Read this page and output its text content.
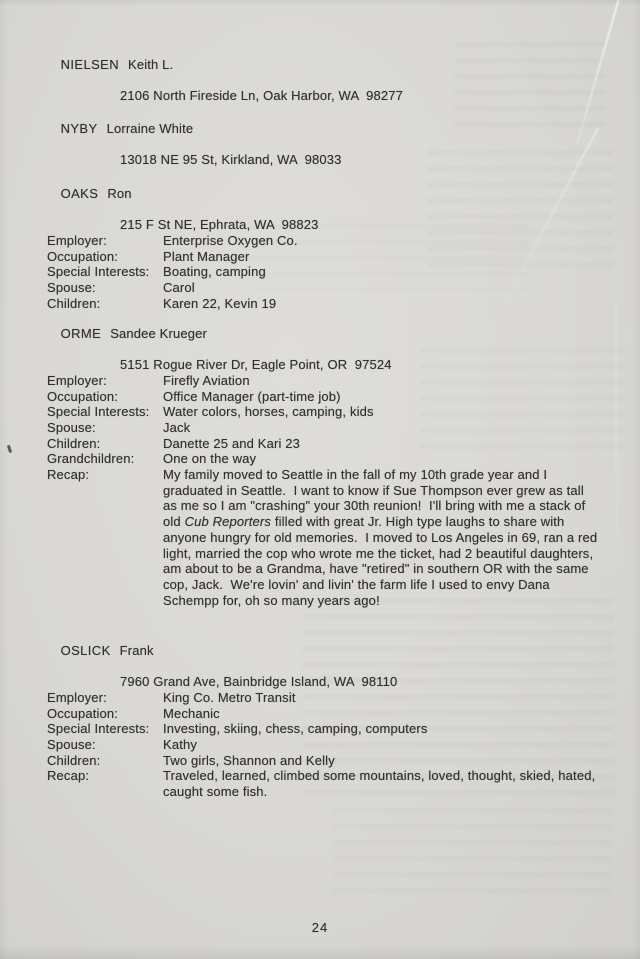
NIELSEN Keith L.

2106 North Fireside Ln, Oak Harbor, WA  98277

NYBY Lorraine White

13018 NE 95 St, Kirkland, WA  98033

OAKS Ron

215 F St NE, Ephrata, WA  98823
Employer:	Enterprise Oxygen Co.
Occupation:	Plant Manager
Special Interests:	Boating, camping
Spouse:	Carol
Children:	Karen 22, Kevin 19

ORME Sandee Krueger

5151 Rogue River Dr, Eagle Point, OR  97524
Employer:	Firefly Aviation
Occupation:	Office Manager (part-time job)
Special Interests:	Water colors, horses, camping, kids
Spouse:	Jack
Children:	Danette 25 and Kari 23
Grandchildren:	One on the way
Recap:	My family moved to Seattle in the fall of my 10th grade year and I graduated in Seattle.  I want to know if Sue Thompson ever grew as tall as me so I am "crashing" your 30th reunion!  I'll bring with me a stack of old Cub Reporters filled with great Jr. High type laughs to share with anyone hungry for old memories.  I moved to Los Angeles in 69, ran a red light, married the cop who wrote me the ticket, had 2 beautiful daughters, am about to be a Grandma, have "retired" in southern OR with the same cop, Jack.  We're lovin' and livin' the farm life I used to envy Dana Schempp for, oh so many years ago!

OSLICK Frank

7960 Grand Ave, Bainbridge Island, WA  98110
Employer:	King Co. Metro Transit
Occupation:	Mechanic
Special Interests:	Investing, skiing, chess, camping, computers
Spouse:	Kathy
Children:	Two girls, Shannon and Kelly
Recap:	Traveled, learned, climbed some mountains, loved, thought, skied, hated, caught some fish.
24
